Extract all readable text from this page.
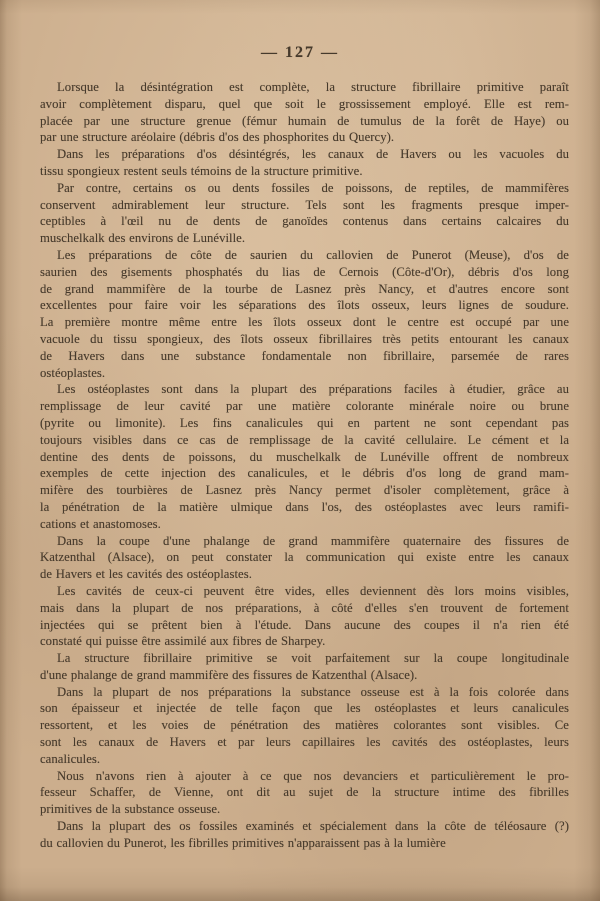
— 127 —
Lorsque la désintégration est complète, la structure fibrillaire primitive paraît
avoir complètement disparu, quel que soit le grossissement employé. Elle est rem-
placée par une structure grenue (fémur humain de tumulus de la forêt de Haye) ou
par une structure aréolaire (débris d'os des phosphorites du Quercy).
Dans les préparations d'os désintégrés, les canaux de Havers ou les vacuoles du
tissu spongieux restent seuls témoins de la structure primitive.
Par contre, certains os ou dents fossiles de poissons, de reptiles, de mammifères
conservent admirablement leur structure. Tels sont les fragments presque imper-
ceptibles à l'œil nu de dents de ganoïdes contenus dans certains calcaires du
muschelkalk des environs de Lunéville.
Les préparations de côte de saurien du callovien de Punerot (Meuse), d'os de
saurien des gisements phosphatés du lias de Cernois (Côte-d'Or), débris d'os long
de grand mammifère de la tourbe de Lasnez près Nancy, et d'autres encore sont
excellentes pour faire voir les séparations des îlots osseux, leurs lignes de soudure.
La première montre même entre les îlots osseux dont le centre est occupé par une
vacuole du tissu spongieux, des îlots osseux fibrillaires très petits entourant les canaux
de Havers dans une substance fondamentale non fibrillaire, parsemée de rares
ostéoplastes.
Les ostéoplastes sont dans la plupart des préparations faciles à étudier, grâce au
remplissage de leur cavité par une matière colorante minérale noire ou brune
(pyrite ou limonite). Les fins canalicules qui en partent ne sont cependant pas
toujours visibles dans ce cas de remplissage de la cavité cellulaire. Le cément et la
dentine des dents de poissons, du muschelkalk de Lunéville offrent de nombreux
exemples de cette injection des canalicules, et le débris d'os long de grand mam-
mifère des tourbières de Lasnez près Nancy permet d'isoler complètement, grâce à
la pénétration de la matière ulmique dans l'os, des ostéoplastes avec leurs ramifi-
cations et anastomoses.
Dans la coupe d'une phalange de grand mammifère quaternaire des fissures de
Katzenthal (Alsace), on peut constater la communication qui existe entre les canaux
de Havers et les cavités des ostéoplastes.
Les cavités de ceux-ci peuvent être vides, elles deviennent dès lors moins visibles,
mais dans la plupart de nos préparations, à côté d'elles s'en trouvent de fortement
injectées qui se prêtent bien à l'étude. Dans aucune des coupes il n'a rien été
constaté qui puisse être assimilé aux fibres de Sharpey.
La structure fibrillaire primitive se voit parfaitement sur la coupe longitudinale
d'une phalange de grand mammifère des fissures de Katzenthal (Alsace).
Dans la plupart de nos préparations la substance osseuse est à la fois colorée dans
son épaisseur et injectée de telle façon que les ostéoplastes et leurs canalicules
ressortent, et les voies de pénétration des matières colorantes sont visibles. Ce
sont les canaux de Havers et par leurs capillaires les cavités des ostéoplastes, leurs
canalicules.
Nous n'avons rien à ajouter à ce que nos devanciers et particulièrement le pro-
fesseur Schaffer, de Vienne, ont dit au sujet de la structure intime des fibrilles
primitives de la substance osseuse.
Dans la plupart des os fossiles examinés et spécialement dans la côte de téléosaure (?)
du callovien du Punerot, les fibrilles primitives n'apparaissent pas à la lumière
